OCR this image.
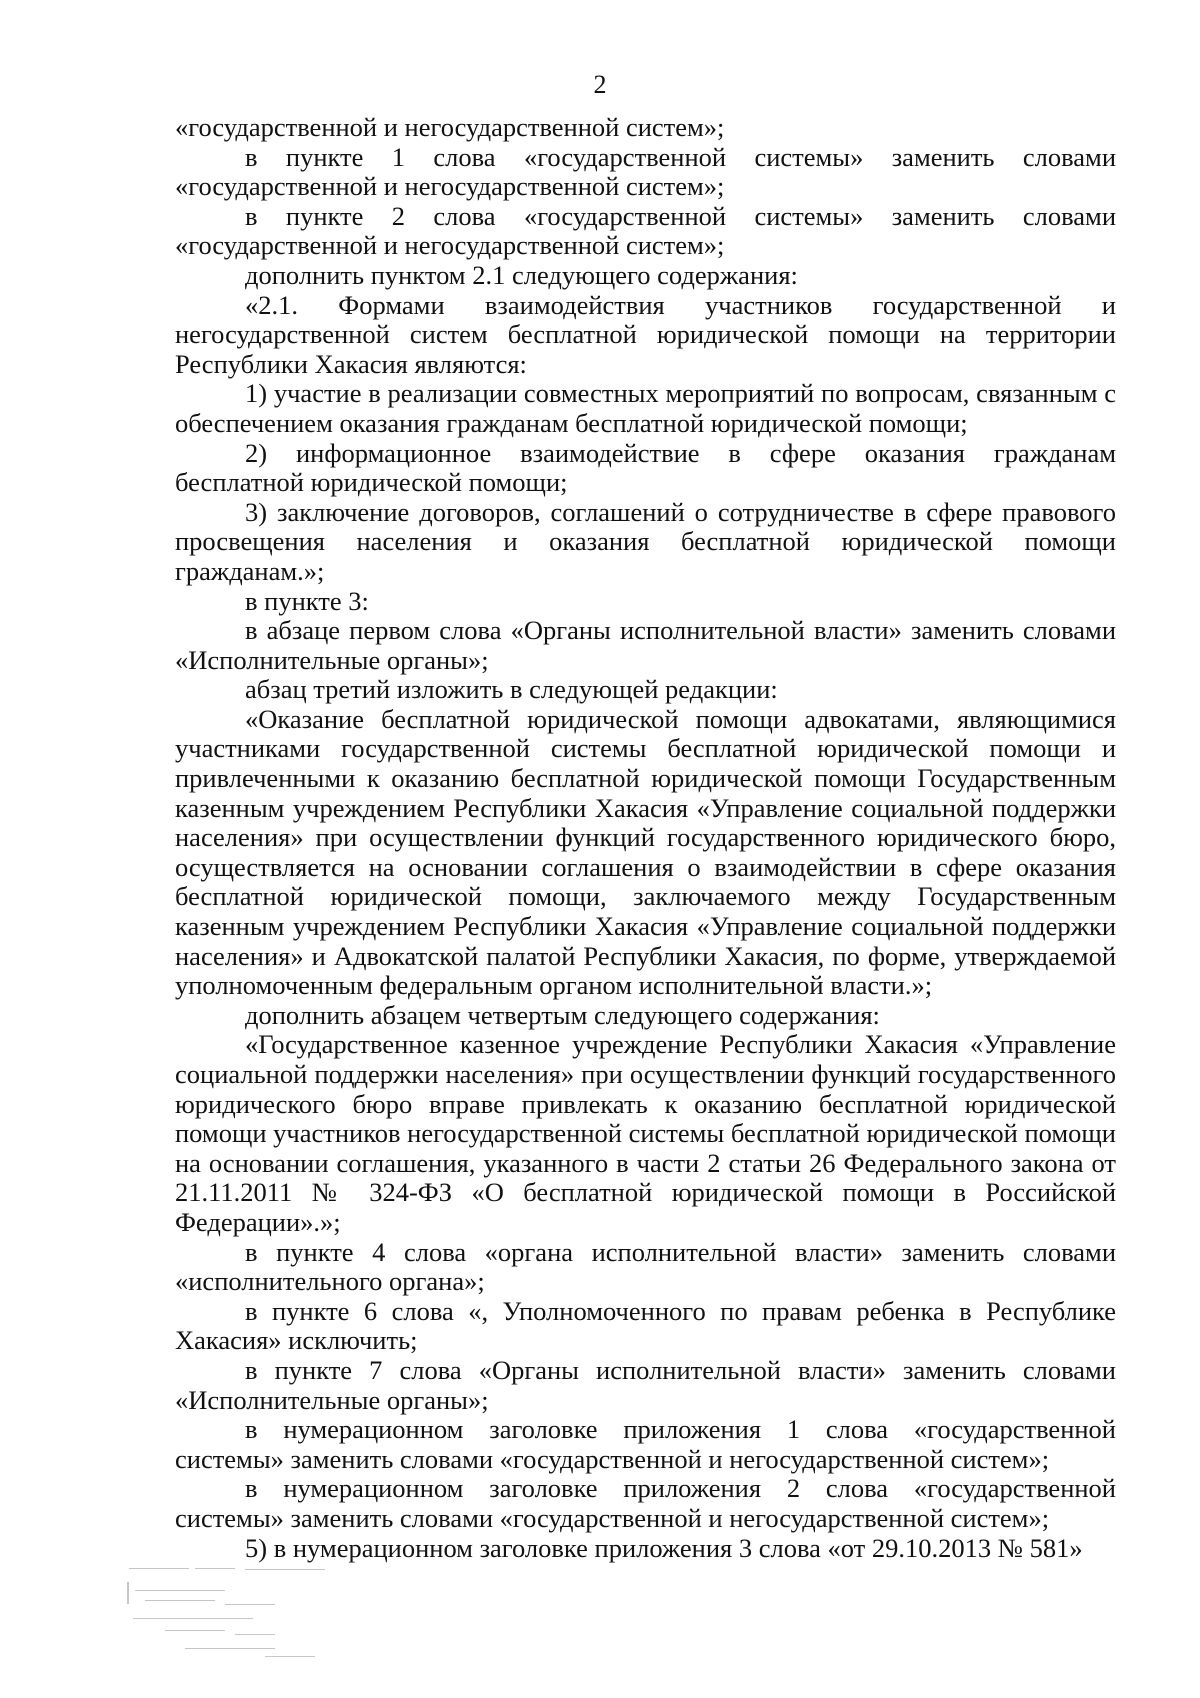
2

«государственной и негосударственной систем»;

в пункте 1 слова «государственной системы» заменить словами «государственной и негосударственной систем»;

в пункте 2 слова «государственной системы» заменить словами «государственной и негосударственной систем»;

дополнить пунктом 2.1 следующего содержания:

«2.1. Формами взаимодействия участников государственной и негосударственной систем бесплатной юридической помощи на территории Республики Хакасия являются:

1) участие в реализации совместных мероприятий по вопросам, связанным с обеспечением оказания гражданам бесплатной юридической помощи;

2) информационное взаимодействие в сфере оказания гражданам бесплатной юридической помощи;

3) заключение договоров, соглашений о сотрудничестве в сфере правового просвещения населения и оказания бесплатной юридической помощи гражданам.»;

в пункте 3:

в абзаце первом слова «Органы исполнительной власти» заменить словами «Исполнительные органы»;

абзац третий изложить в следующей редакции:

«Оказание бесплатной юридической помощи адвокатами, являющимися участниками государственной системы бесплатной юридической помощи и привлеченными к оказанию бесплатной юридической помощи Государственным казенным учреждением Республики Хакасия «Управление социальной поддержки населения» при осуществлении функций государственного юридического бюро, осуществляется на основании соглашения о взаимодействии в сфере оказания бесплатной юридической помощи, заключаемого между Государственным казенным учреждением Республики Хакасия «Управление социальной поддержки населения» и Адвокатской палатой Республики Хакасия, по форме, утверждаемой уполномоченным федеральным органом исполнительной власти.»;

дополнить абзацем четвертым следующего содержания:

«Государственное казенное учреждение Республики Хакасия «Управление социальной поддержки населения» при осуществлении функций государственного юридического бюро вправе привлекать к оказанию бесплатной юридической помощи участников негосударственной системы бесплатной юридической помощи на основании соглашения, указанного в части 2 статьи 26 Федерального закона от 21.11.2011 № 324-ФЗ «О бесплатной юридической помощи в Российской Федерации».»;

в пункте 4 слова «органа исполнительной власти» заменить словами «исполнительного органа»;

в пункте 6 слова «, Уполномоченного по правам ребенка в Республике Хакасия» исключить;

в пункте 7 слова «Органы исполнительной власти» заменить словами «Исполнительные органы»;

в нумерационном заголовке приложения 1 слова «государственной системы» заменить словами «государственной и негосударственной систем»;

в нумерационном заголовке приложения 2 слова «государственной системы» заменить словами «государственной и негосударственной систем»;

5) в нумерационном заголовке приложения 3 слова «от 29.10.2013 № 581»
